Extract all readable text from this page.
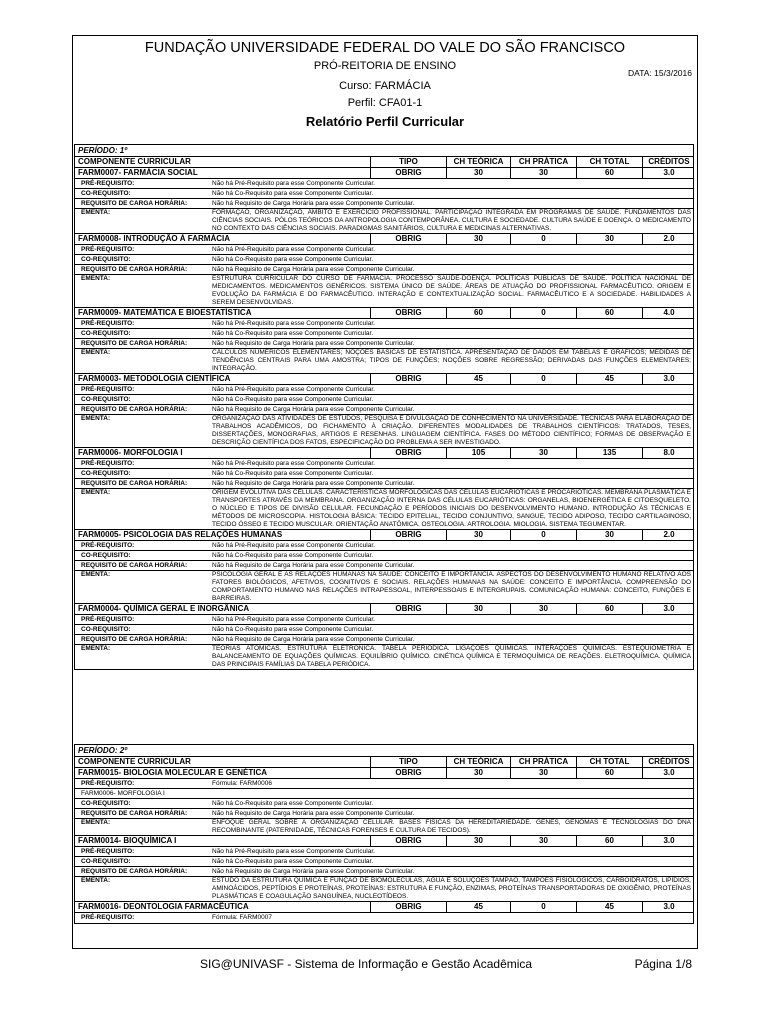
FUNDAÇÃO UNIVERSIDADE FEDERAL DO VALE DO SÃO FRANCISCO
PRÓ-REITORIA DE ENSINO
DATA: 15/3/2016
Curso: FARMÁCIA
Perfil: CFA01-1
Relatório Perfil Curricular
PERÍODO: 1º
COMPONENTE CURRICULAR	TIPO	CH TEÓRICA	CH PRÁTICA	CH TOTAL	CRÉDITOS
FARM0007- FARMÁCIA SOCIAL	OBRIG	30	30	60	3.0
PRÉ-REQUISITO:	Não há Pré-Requisito para esse Componente Curricular.
CO-REQUISITO:	Não há Co-Requisito para esse Componente Curricular.
REQUISITO DE CARGA HORÁRIA:	Não há Requisito de Carga Horária para esse Componente Curricular.
EMENTA:	FORMAÇÃO, ORGANIZAÇÃO, ÂMBITO E EXERCÍCIO PROFISSIONAL. PARTICIPAÇÃO INTEGRADA EM PROGRAMAS DE SAÚDE. FUNDAMENTOS DAS CIÊNCIAS SOCIAIS. PÓLOS TEÓRICOS DA ANTROPOLOGIA CONTEMPORÂNEA. CULTURA E SOCIEDADE. CULTURA SAÚDE E DOENÇA. O MEDICAMENTO NO CONTEXTO DAS CIÊNCIAS SOCIAIS. PARADIGMAS SANITÁRIOS, CULTURA E MEDICINAS ALTERNATIVAS.
FARM0008- INTRODUÇÃO À FARMÁCIA	OBRIG	30	0	30	2.0
PRÉ-REQUISITO:	Não há Pré-Requisito para esse Componente Curricular.
CO-REQUISITO:	Não há Co-Requisito para esse Componente Curricular.
REQUISITO DE CARGA HORÁRIA:	Não há Requisito de Carga Horária para esse Componente Curricular.
EMENTA:	ESTRUTURA CURRICULAR DO CURSO DE FARMÁCIA. PROCESSO SAÚDE-DOENÇA. POLÍTICAS PÚBLICAS DE SAÚDE. POLÍTICA NACIONAL DE MEDICAMENTOS. MEDICAMENTOS GENÉRICOS. SISTEMA ÚNICO DE SAÚDE. ÁREAS DE ATUAÇÃO DO PROFISSIONAL FARMACÊUTICO. ORIGEM E EVOLUÇÃO DA FARMÁCIA E DO FARMACÊUTICO. INTERAÇÃO E CONTEXTUALIZAÇÃO SOCIAL. FARMACÊUTICO E A SOCIEDADE. HABILIDADES A SEREM DESENVOLVIDAS.
FARM0009- MATEMÁTICA E BIOESTATÍSTICA	OBRIG	60	0	60	4.0
PRÉ-REQUISITO:	Não há Pré-Requisito para esse Componente Curricular.
CO-REQUISITO:	Não há Co-Requisito para esse Componente Curricular.
REQUISITO DE CARGA HORÁRIA:	Não há Requisito de Carga Horária para esse Componente Curricular.
EMENTA:	CÁLCULOS NUMÉRICOS ELEMENTARES; NOÇÕES BÁSICAS DE ESTATÍSTICA. APRESENTAÇÃO DE DADOS EM TABELAS E GRÁFICOS; MEDIDAS DE TENDÊNCIAS CENTRAIS PARA UMA AMOSTRA; TIPOS DE FUNÇÕES; NOÇÕES SOBRE REGRESSÃO; DERIVADAS DAS FUNÇÕES ELEMENTARES; INTEGRAÇÃO.
FARM0003- METODOLOGIA CIENTÍFICA	OBRIG	45	0	45	3.0
PRÉ-REQUISITO:	Não há Pré-Requisito para esse Componente Curricular.
CO-REQUISITO:	Não há Co-Requisito para esse Componente Curricular.
REQUISITO DE CARGA HORÁRIA:	Não há Requisito de Carga Horária para esse Componente Curricular.
EMENTA:	ORGANIZAÇÃO DAS ATIVIDADES DE ESTUDOS, PESQUISA E DIVULGAÇÃO DE CONHECIMENTO NA UNIVERSIDADE. TÉCNICAS PARA ELABORAÇÃO DE TRABALHOS ACADÊMICOS, DO FICHAMENTO À CRIAÇÃO. DIFERENTES MODALIDADES DE TRABALHOS CIENTÍFICOS: TRATADOS, TESES, DISSERTAÇÕES, MONOGRAFIAS, ARTIGOS E RESENHAS. LINGUAGEM CIENTÍFICA. FASES DO MÉTODO CIENTÍFICO; FORMAS DE OBSERVAÇÃO E DESCRIÇÃO CIENTÍFICA DOS FATOS, ESPECIFICAÇÃO DO PROBLEMA A SER INVESTIGADO.
FARM0006- MORFOLOGIA I	OBRIG	105	30	135	8.0
PRÉ-REQUISITO:	Não há Pré-Requisito para esse Componente Curricular.
CO-REQUISITO:	Não há Co-Requisito para esse Componente Curricular.
REQUISITO DE CARGA HORÁRIA:	Não há Requisito de Carga Horária para esse Componente Curricular.
EMENTA:	ORIGEM EVOLUTIVA DAS CÉLULAS. CARACTERÍSTICAS MORFOLÓGICAS DAS CÉLULAS EUCARIÓTICAS E PROCARIÓTICAS. MEMBRANA PLASMÁTICA E TRANSPORTES ATRAVÉS DA MEMBRANA. ORGANIZAÇÃO INTERNA DAS CÉLULAS EUCARIÓTICAS: ORGANELAS, BIOENERGÉTICA E CITOESQUELETO. O NÚCLEO E TIPOS DE DIVISÃO CELULAR. FECUNDAÇÃO E PERÍODOS INICIAIS DO DESENVOLVIMENTO HUMANO. INTRODUÇÃO ÀS TÉCNICAS E MÉTODOS DE MICROSCOPIA. HISTOLOGIA BÁSICA: TECIDO EPITELIAL, TECIDO CONJUNTIVO, SANGUE, TECIDO ADIPOSO, TECIDO CARTILAGINOSO, TECIDO ÓSSEO E TECIDO MUSCULAR. ORIENTAÇÃO ANATÔMICA. OSTEOLOGIA. ARTROLOGIA. MIOLOGIA. SISTEMA TEGUMENTAR.
FARM0005- PSICOLOGIA DAS RELAÇÕES HUMANAS	OBRIG	30	0	30	2.0
PRÉ-REQUISITO:	Não há Pré-Requisito para esse Componente Curricular.
CO-REQUISITO:	Não há Co-Requisito para esse Componente Curricular.
REQUISITO DE CARGA HORÁRIA:	Não há Requisito de Carga Horária para esse Componente Curricular.
EMENTA:	PSICOLOGIA GERAL E AS RELAÇÕES HUMANAS NA SAÚDE: CONCEITO E IMPORTÂNCIA. ASPECTOS DO DESENVOLVIMENTO HUMANO RELATIVO AOS FATORES BIOLÓGICOS, AFETIVOS, COGNITIVOS E SOCIAIS. RELAÇÕES HUMANAS NA SAÚDE: CONCEITO E IMPORTÂNCIA. COMPREENSÃO DO COMPORTAMENTO HUMANO NAS RELAÇÕES INTRAPESSOAL, INTERPESSOAIS E INTERGRUPAIS. COMUNICAÇÃO HUMANA: CONCEITO, FUNÇÕES E BARREIRAS.
FARM0004- QUÍMICA GERAL E INORGÂNICA	OBRIG	30	30	60	3.0
PRÉ-REQUISITO:	Não há Pré-Requisito para esse Componente Curricular.
CO-REQUISITO:	Não há Co-Requisito para esse Componente Curricular.
REQUISITO DE CARGA HORÁRIA:	Não há Requisito de Carga Horária para esse Componente Curricular.
EMENTA:	TEORIAS ATÔMICAS. ESTRUTURA ELETRÔNICA. TABELA PERIÓDICA. LIGAÇÕES QUÍMICAS. INTERAÇÕES QUÍMICAS. ESTEQUIOMETRIA E BALANCEAMENTO DE EQUAÇÕES QUÍMICAS. EQUILÍBRIO QUÍMICO. CINÉTICA QUÍMICA E TERMOQUÍMICA DE REAÇÕES. ELETROQUÍMICA. QUÍMICA DAS PRINCIPAIS FAMÍLIAS DA TABELA PERIÓDICA.
PERÍODO: 2º
COMPONENTE CURRICULAR	TIPO	CH TEÓRICA	CH PRÁTICA	CH TOTAL	CRÉDITOS
FARM0015- BIOLOGIA MOLECULAR E GENÉTICA	OBRIG	30	30	60	3.0
PRÉ-REQUISITO:	Fórmula: FARM0006
FARM0006- MORFOLOGIA I
CO-REQUISITO:	Não há Co-Requisito para esse Componente Curricular.
REQUISITO DE CARGA HORÁRIA:	Não há Requisito de Carga Horária para esse Componente Curricular.
EMENTA:	ENFOQUE GERAL SOBRE A ORGANIZAÇÃO CELULAR. BASES FÍSICAS DA HEREDITARIEDADE. GENES, GENOMAS E TECNOLOGIAS DO DNA RECOMBINANTE (PATERNIDADE, TÉCNICAS FORENSES E CULTURA DE TECIDOS).
FARM0014- BIOQUÍMICA I	OBRIG	30	30	60	3.0
PRÉ-REQUISITO:	Não há Pré-Requisito para esse Componente Curricular.
CO-REQUISITO:	Não há Co-Requisito para esse Componente Curricular.
REQUISITO DE CARGA HORÁRIA:	Não há Requisito de Carga Horária para esse Componente Curricular.
EMENTA:	ESTUDO DA ESTRUTURA QUÍMICA E FUNÇÃO DE BIOMOLÉCULAS, ÁGUA E SOLUÇÕES TAMPÃO, TAMPÕES FISIOLÓGICOS, CARBOIDRATOS, LIPÍDIOS, AMINOÁCIDOS, PEPTÍDIOS E PROTEÍNAS, PROTEÍNAS: ESTRUTURA E FUNÇÃO, ENZIMAS, PROTEÍNAS TRANSPORTADORAS DE OXIGÊNIO, PROTEÍNAS PLASMÁTICAS E COAGULAÇÃO SANGUÍNEA, NUCLEOTÍDEOS.
FARM0016- DEONTOLOGIA FARMACÊUTICA	OBRIG	45	0	45	3.0
PRÉ-REQUISITO:	Fórmula: FARM0007
SIG@UNIVASF - Sistema de Informação e Gestão Acadêmica	Página 1/8
